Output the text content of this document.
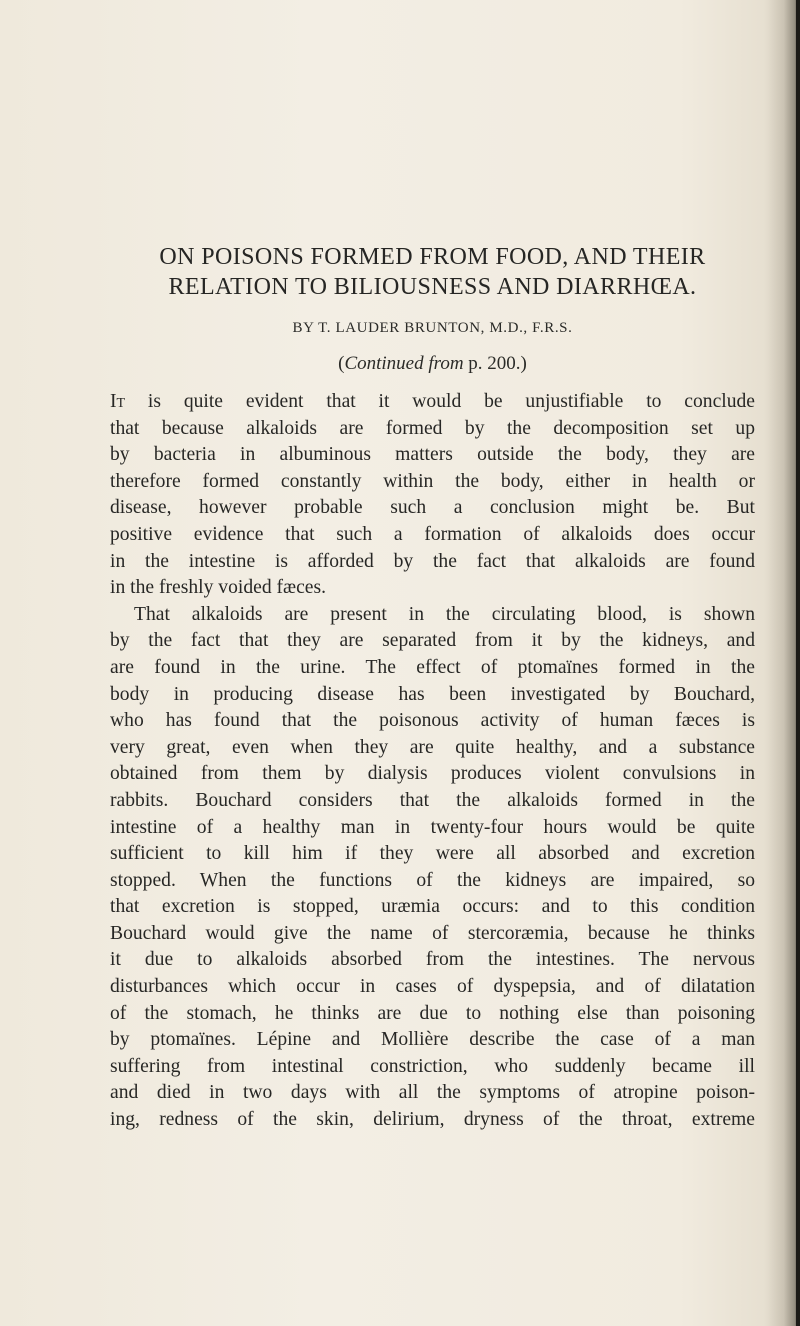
ON POISONS FORMED FROM FOOD, AND THEIR
RELATION TO BILIOUSNESS AND DIARRHŒA.

BY T. LAUDER BRUNTON, M.D., F.R.S.

(Continued from p. 200.)

It is quite evident that it would be unjustifiable to conclude
that because alkaloids are formed by the decomposition set up
by bacteria in albuminous matters outside the body, they are
therefore formed constantly within the body, either in health or
disease, however probable such a conclusion might be. But
positive evidence that such a formation of alkaloids does occur
in the intestine is afforded by the fact that alkaloids are found
in the freshly voided fæces.
That alkaloids are present in the circulating blood, is shown
by the fact that they are separated from it by the kidneys, and
are found in the urine. The effect of ptomaïnes formed in the
body in producing disease has been investigated by Bouchard,
who has found that the poisonous activity of human fæces is
very great, even when they are quite healthy, and a substance
obtained from them by dialysis produces violent convulsions in
rabbits. Bouchard considers that the alkaloids formed in the
intestine of a healthy man in twenty-four hours would be quite
sufficient to kill him if they were all absorbed and excretion
stopped. When the functions of the kidneys are impaired, so
that excretion is stopped, uræmia occurs: and to this condition
Bouchard would give the name of stercoræmia, because he thinks
it due to alkaloids absorbed from the intestines. The nervous
disturbances which occur in cases of dyspepsia, and of dilatation
of the stomach, he thinks are due to nothing else than poisoning
by ptomaïnes. Lépine and Mollière describe the case of a man
suffering from intestinal constriction, who suddenly became ill
and died in two days with all the symptoms of atropine poison-
ing, redness of the skin, delirium, dryness of the throat, extreme
